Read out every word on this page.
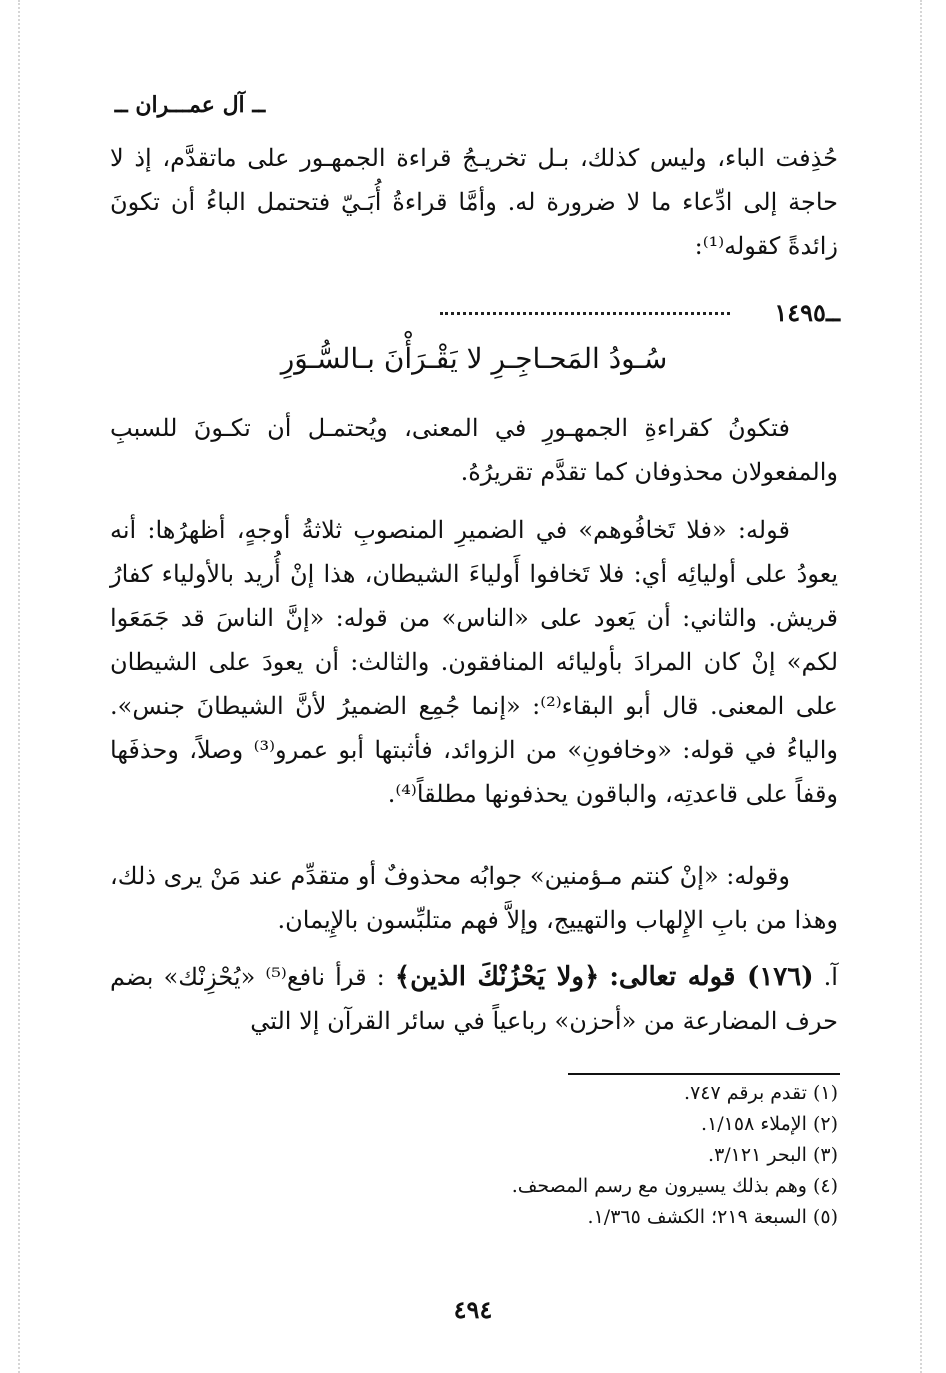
ــ آل عمـــران ــ

حُذِفت الباء، وليس كذلك، بـل تخريـجُ قراءة الجمهـور على ماتقدَّم، إذ لا حاجة إلى ادِّعاء ما لا ضرورة له. وأمَّا قراءةُ أُبَـيّ فتحتمل الباءُ أن تكونَ زائدةً كقوله⁽¹⁾:

ــ١٤٩٥
سُـودُ المَحـاجِـرِ لا يَقْـرَأْنَ بـالسُّـوَرِ

فتكونُ كقراءةِ الجمهـورِ في المعنى، ويُحتمـل أن تكـونَ للسببِ والمفعولان محذوفان كما تقدَّم تقريرُهُ.

قوله: «فلا تَخافُوهم» في الضميرِ المنصوبِ ثلاثةُ أوجهٍ، أظهرُها: أنه يعودُ على أوليائِه أي: فلا تَخافوا أَولياءَ الشيطان، هذا إنْ أُريد بالأولياء كفارُ قريش. والثاني: أن يَعود على «الناس» من قوله: «إنَّ الناسَ قد جَمَعَوا لكم» إنْ كان المرادَ بأوليائه المنافقون. والثالث: أن يعودَ على الشيطان على المعنى. قال أبو البقاء⁽²⁾: «إنما جُمِع الضميرُ لأنَّ الشيطانَ جنس». والياءُ في قوله: «وخافونِ» من الزوائد، فأثبتها أبو عمرو⁽³⁾ وصلاً، وحذفَها وقفاً على قاعدتِه، والباقون يحذفونها مطلقاً⁽⁴⁾.

وقوله: «إنْ كنتم مـؤمنين» جوابُه محذوفٌ أو متقدِّم عند مَنْ يرى ذلك، وهذا من بابِ الإِلهاب والتهييج، وإلاَّ فهم متلبِّسون بالإِيمان.

آ. (١٧٦) قوله تعالى: ﴿ولا يَحْزُنْكَ الذين﴾ : قرأ نافع⁽⁵⁾ «يُحْزِنْك» بضم حرف المضارعة من «أحزن» رباعياً في سائر القرآن إلا التي

(١) تقدم برقم ٧٤٧.
(٢) الإملاء ١/١٥٨.
(٣) البحر ٣/١٢١.
(٤) وهم بذلك يسيرون مع رسم المصحف.
(٥) السبعة ٢١٩؛ الكشف ١/٣٦٥.
٤٩٤
